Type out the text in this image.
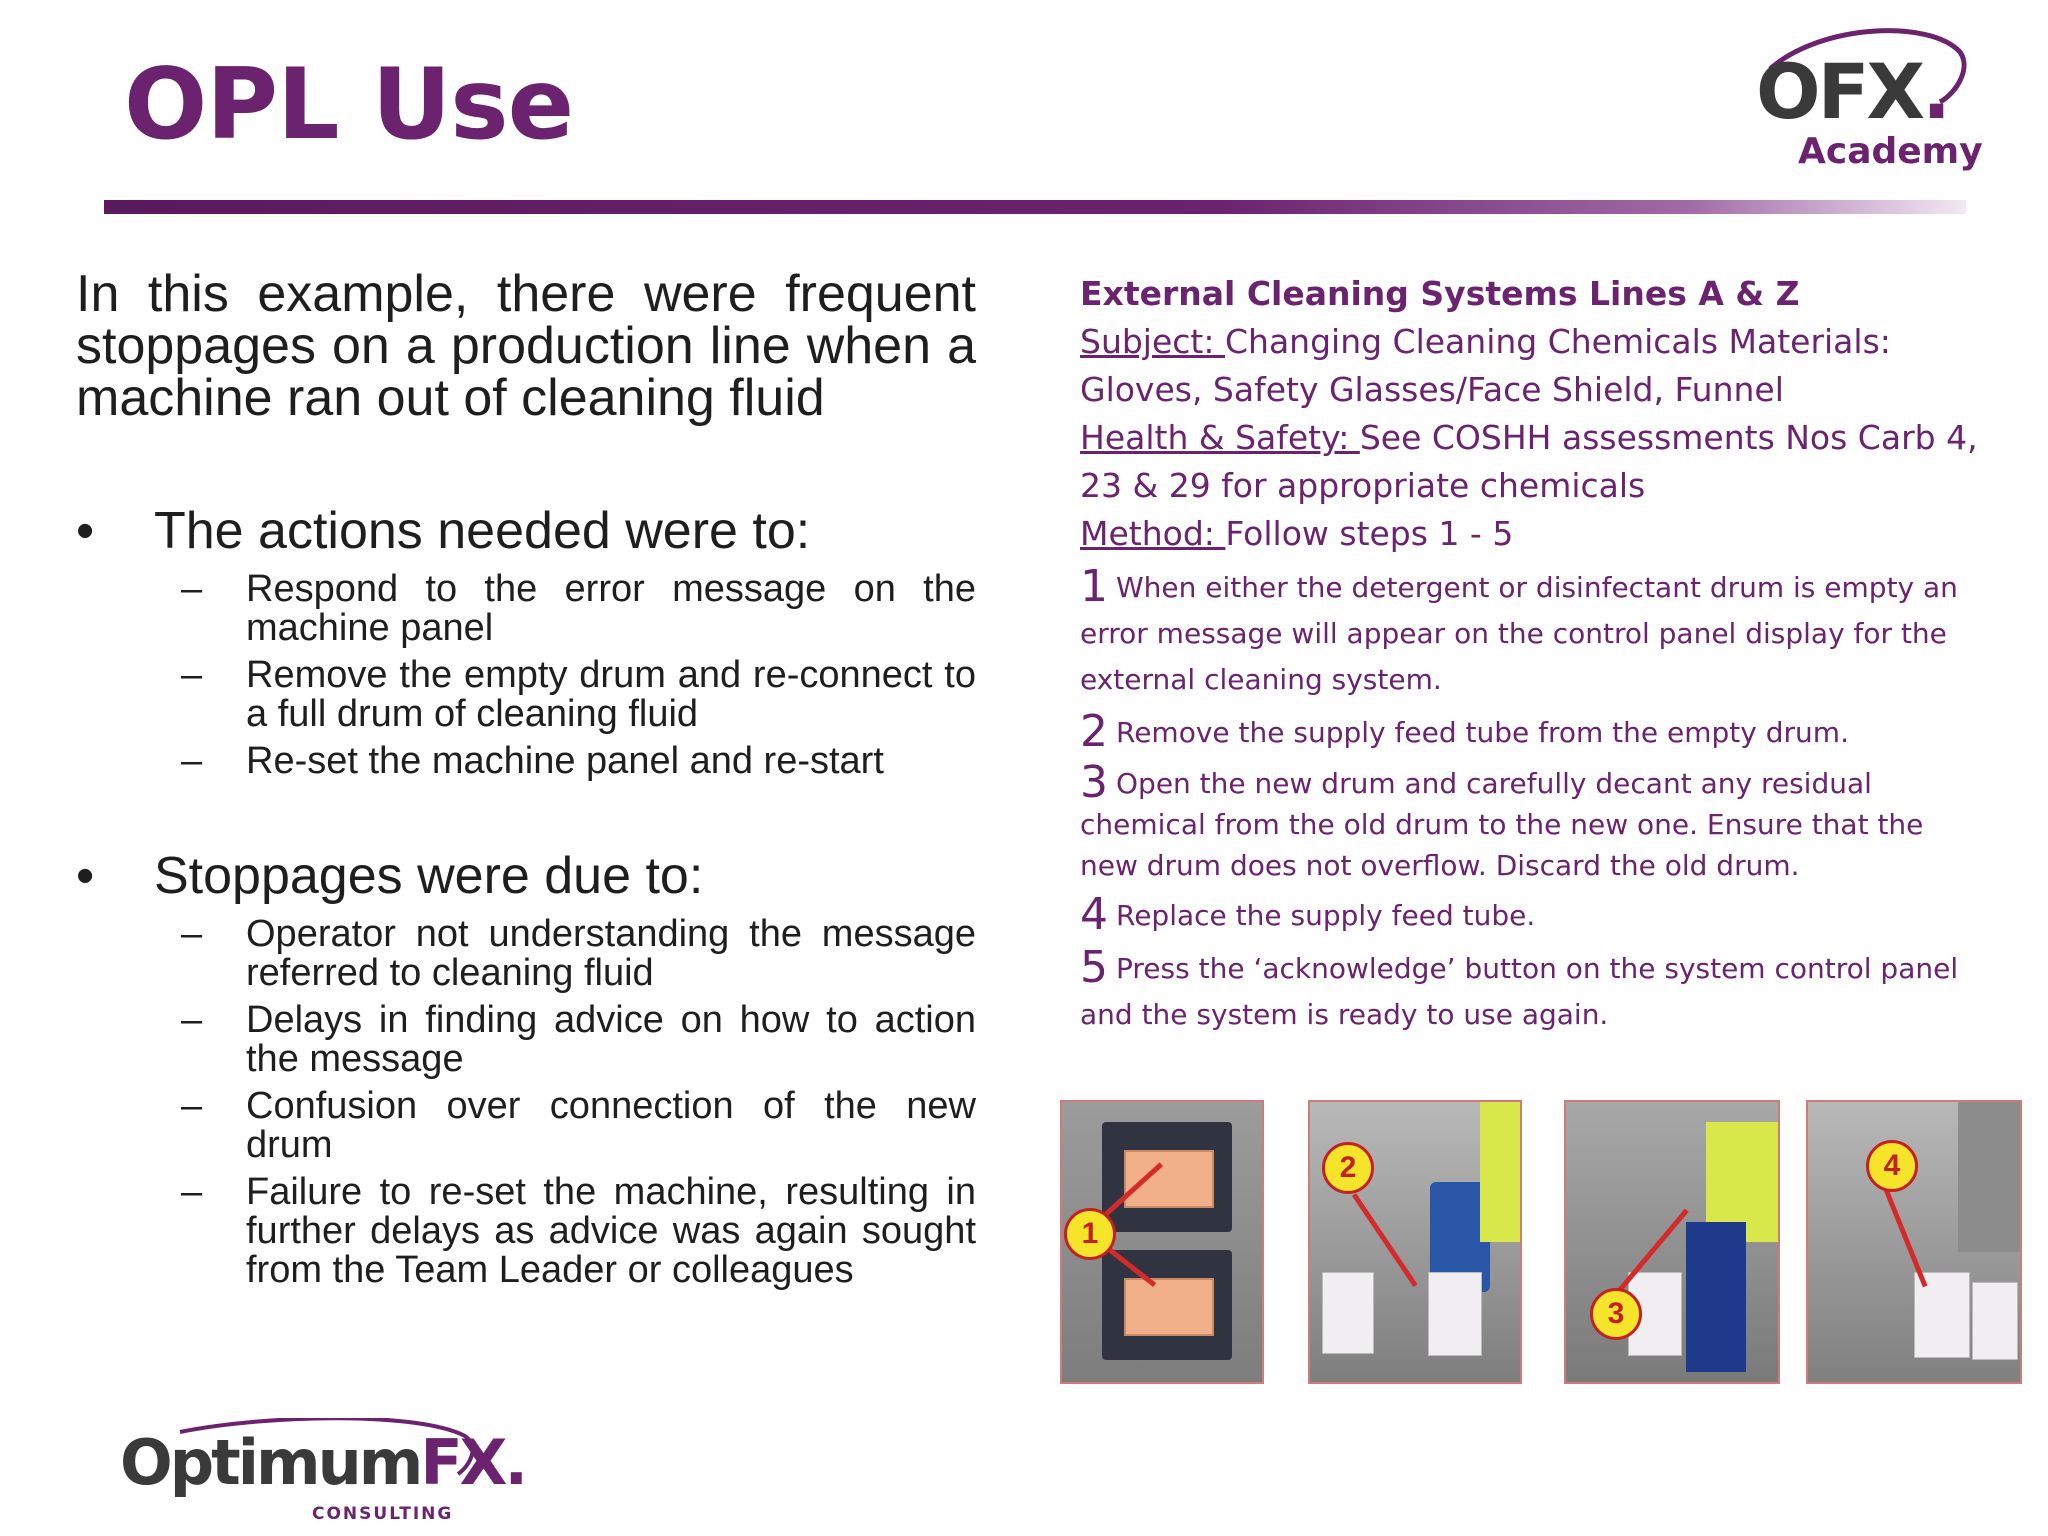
OPL Use	OFX.
Academy

In this example, there were frequent stoppages on a production line when a machine ran out of cleaning fluid

• The actions needed were to:

– Respond to the error message on the machine panel

– Remove the empty drum and re-connect to a full drum of cleaning fluid

– Re-set the machine panel and re-start

• Stoppages were due to:

– Operator not understanding the message referred to cleaning fluid

– Delays in finding advice on how to action the message

– Confusion over connection of the new drum

– Failure to re-set the machine, resulting in further delays as advice was again sought from the Team Leader or colleagues

External Cleaning Systems Lines A & Z

Subject: Changing Cleaning Chemicals Materials:

Gloves, Safety Glasses/Face Shield, Funnel

Health & Safety: See COSHH assessments Nos Carb 4,

23 & 29 for appropriate chemicals

Method: Follow steps 1 - 5

1 When either the detergent or disinfectant drum is empty an
error message will appear on the control panel display for the
external cleaning system.
2 Remove the supply feed tube from the empty drum.
3 Open the new drum and carefully decant any residual
chemical from the old drum to the new one. Ensure that the
new drum does not overflow. Discard the old drum.
4 Replace the supply feed tube.
5 Press the ‘acknowledge’ button on the system control panel
and the system is ready to use again.
1
2
3
4
OptimumFX.
CONSULTING
